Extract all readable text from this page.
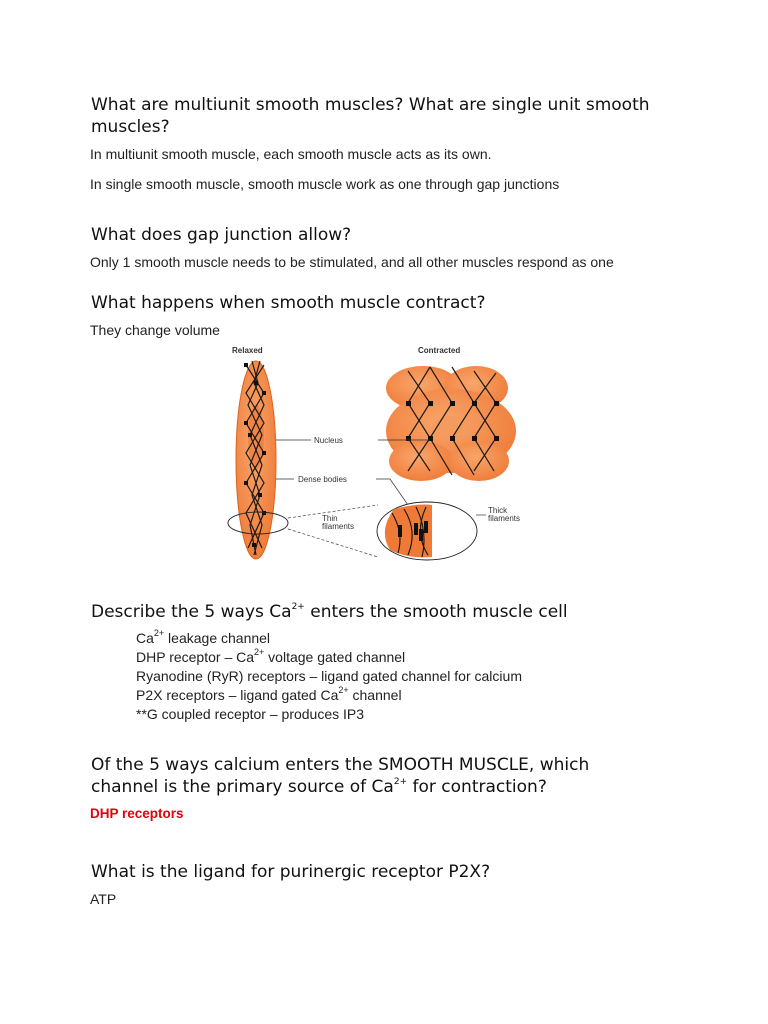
What are multiunit smooth muscles? What are single unit smooth muscles?

In multiunit smooth muscle, each smooth muscle acts as its own.

In single smooth muscle, smooth muscle work as one through gap junctions

What does gap junction allow?

Only 1 smooth muscle needs to be stimulated, and all other muscles respond as one

What happens when smooth muscle contract?

They change volume

Relaxed	Contracted
Nucleus
Dense bodies
Thin
filaments
Thick
filaments
Describe the 5 ways $Ca^{2+}$ enters the smooth muscle cell
$Ca^{2+}$ leakage channel
DHP receptor – $Ca^{2+}$ voltage gated channel
Ryanodine (RyR) receptors – ligand gated channel for calcium
P2X receptors – ligand gated $Ca^{2+}$ channel
**G coupled receptor – produces IP3
Of the 5 ways calcium enters the SMOOTH MUSCLE, which
channel is the primary source of $Ca^{2+}$ for contraction?

DHP receptors

What is the ligand for purinergic receptor P2X?

ATP
